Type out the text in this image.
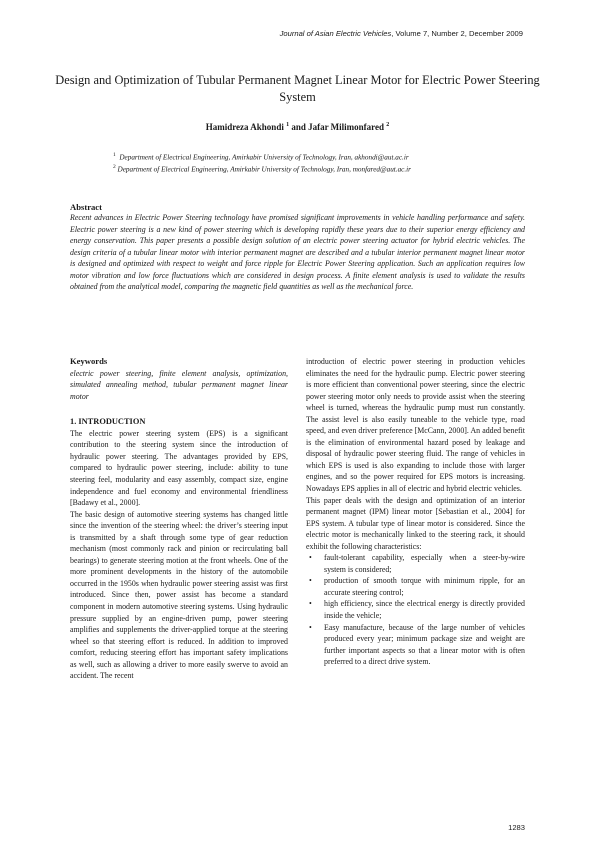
Journal of Asian Electric Vehicles, Volume 7, Number 2, December 2009
Design and Optimization of Tubular Permanent Magnet Linear Motor for Electric Power Steering System
Hamidreza Akhondi $^1$ and Jafar Milimonfared $^2$
$^1$ Department of Electrical Engineering, Amirkabir University of Technology, Iran, akhondi@aut.ac.ir
$^2$ Department of Electrical Engineering, Amirkabir University of Technology, Iran, monfared@aut.ac.ir
Abstract
Recent advances in Electric Power Steering technology have promised significant improvements in vehicle handling performance and safety. Electric power steering is a new kind of power steering which is developing rapidly these years due to their superior energy efficiency and energy conservation. This paper presents a possible design solution of an electric power steering actuator for hybrid electric vehicles. The design criteria of a tubular linear motor with interior permanent magnet are described and a tubular interior permanent magnet linear motor is designed and optimized with respect to weight and force ripple for Electric Power Steering application. Such an application requires low motor vibration and low force fluctuations which are considered in design process. A finite element analysis is used to validate the results obtained from the analytical model, comparing the magnetic field quantities as well as the mechanical force.
Keywords

electric power steering, finite element analysis, optimization, simulated annealing method, tubular permanent magnet linear motor

1. INTRODUCTION

The electric power steering system (EPS) is a significant contribution to the steering system since the introduction of hydraulic power steering. The advantages provided by EPS, compared to hydraulic power steering, include: ability to tune steering feel, modularity and easy assembly, compact size, engine independence and fuel economy and environmental friendliness [Badawy et al., 2000].

The basic design of automotive steering systems has changed little since the invention of the steering wheel: the driver’s steering input is transmitted by a shaft through some type of gear reduction mechanism (most commonly rack and pinion or recirculating ball bearings) to generate steering motion at the front wheels. One of the more prominent developments in the history of the automobile occurred in the 1950s when hydraulic power steering assist was first introduced. Since then, power assist has become a standard component in modern automotive steering systems. Using hydraulic pressure supplied by an engine-driven pump, power steering amplifies and supplements the driver-applied torque at the steering wheel so that steering effort is reduced. In addition to improved comfort, reducing steering effort has important safety implications as well, such as allowing a driver to more easily swerve to avoid an accident. The recent

introduction of electric power steering in production vehicles eliminates the need for the hydraulic pump. Electric power steering is more efficient than conventional power steering, since the electric power steering motor only needs to provide assist when the steering wheel is turned, whereas the hydraulic pump must run constantly. The assist level is also easily tuneable to the vehicle type, road speed, and even driver preference [McCann, 2000]. An added benefit is the elimination of environmental hazard posed by leakage and disposal of hydraulic power steering fluid. The range of vehicles in which EPS is used is also expanding to include those with larger engines, and so the power required for EPS motors is increasing. Nowadays EPS applies in all of electric and hybrid electric vehicles.

This paper deals with the design and optimization of an interior permanent magnet (IPM) linear motor [Sebastian et al., 2004] for EPS system. A tubular type of linear motor is considered. Since the electric motor is mechanically linked to the steering rack, it should exhibit the following characteristics:

• fault-tolerant capability, especially when a steer-by-wire system is considered;
• production of smooth torque with minimum ripple, for an accurate steering control;
• high efficiency, since the electrical energy is directly provided inside the vehicle;
• Easy manufacture, because of the large number of vehicles produced every year; minimum package size and weight are further important aspects so that a linear motor with is often preferred to a direct drive system.
1283
